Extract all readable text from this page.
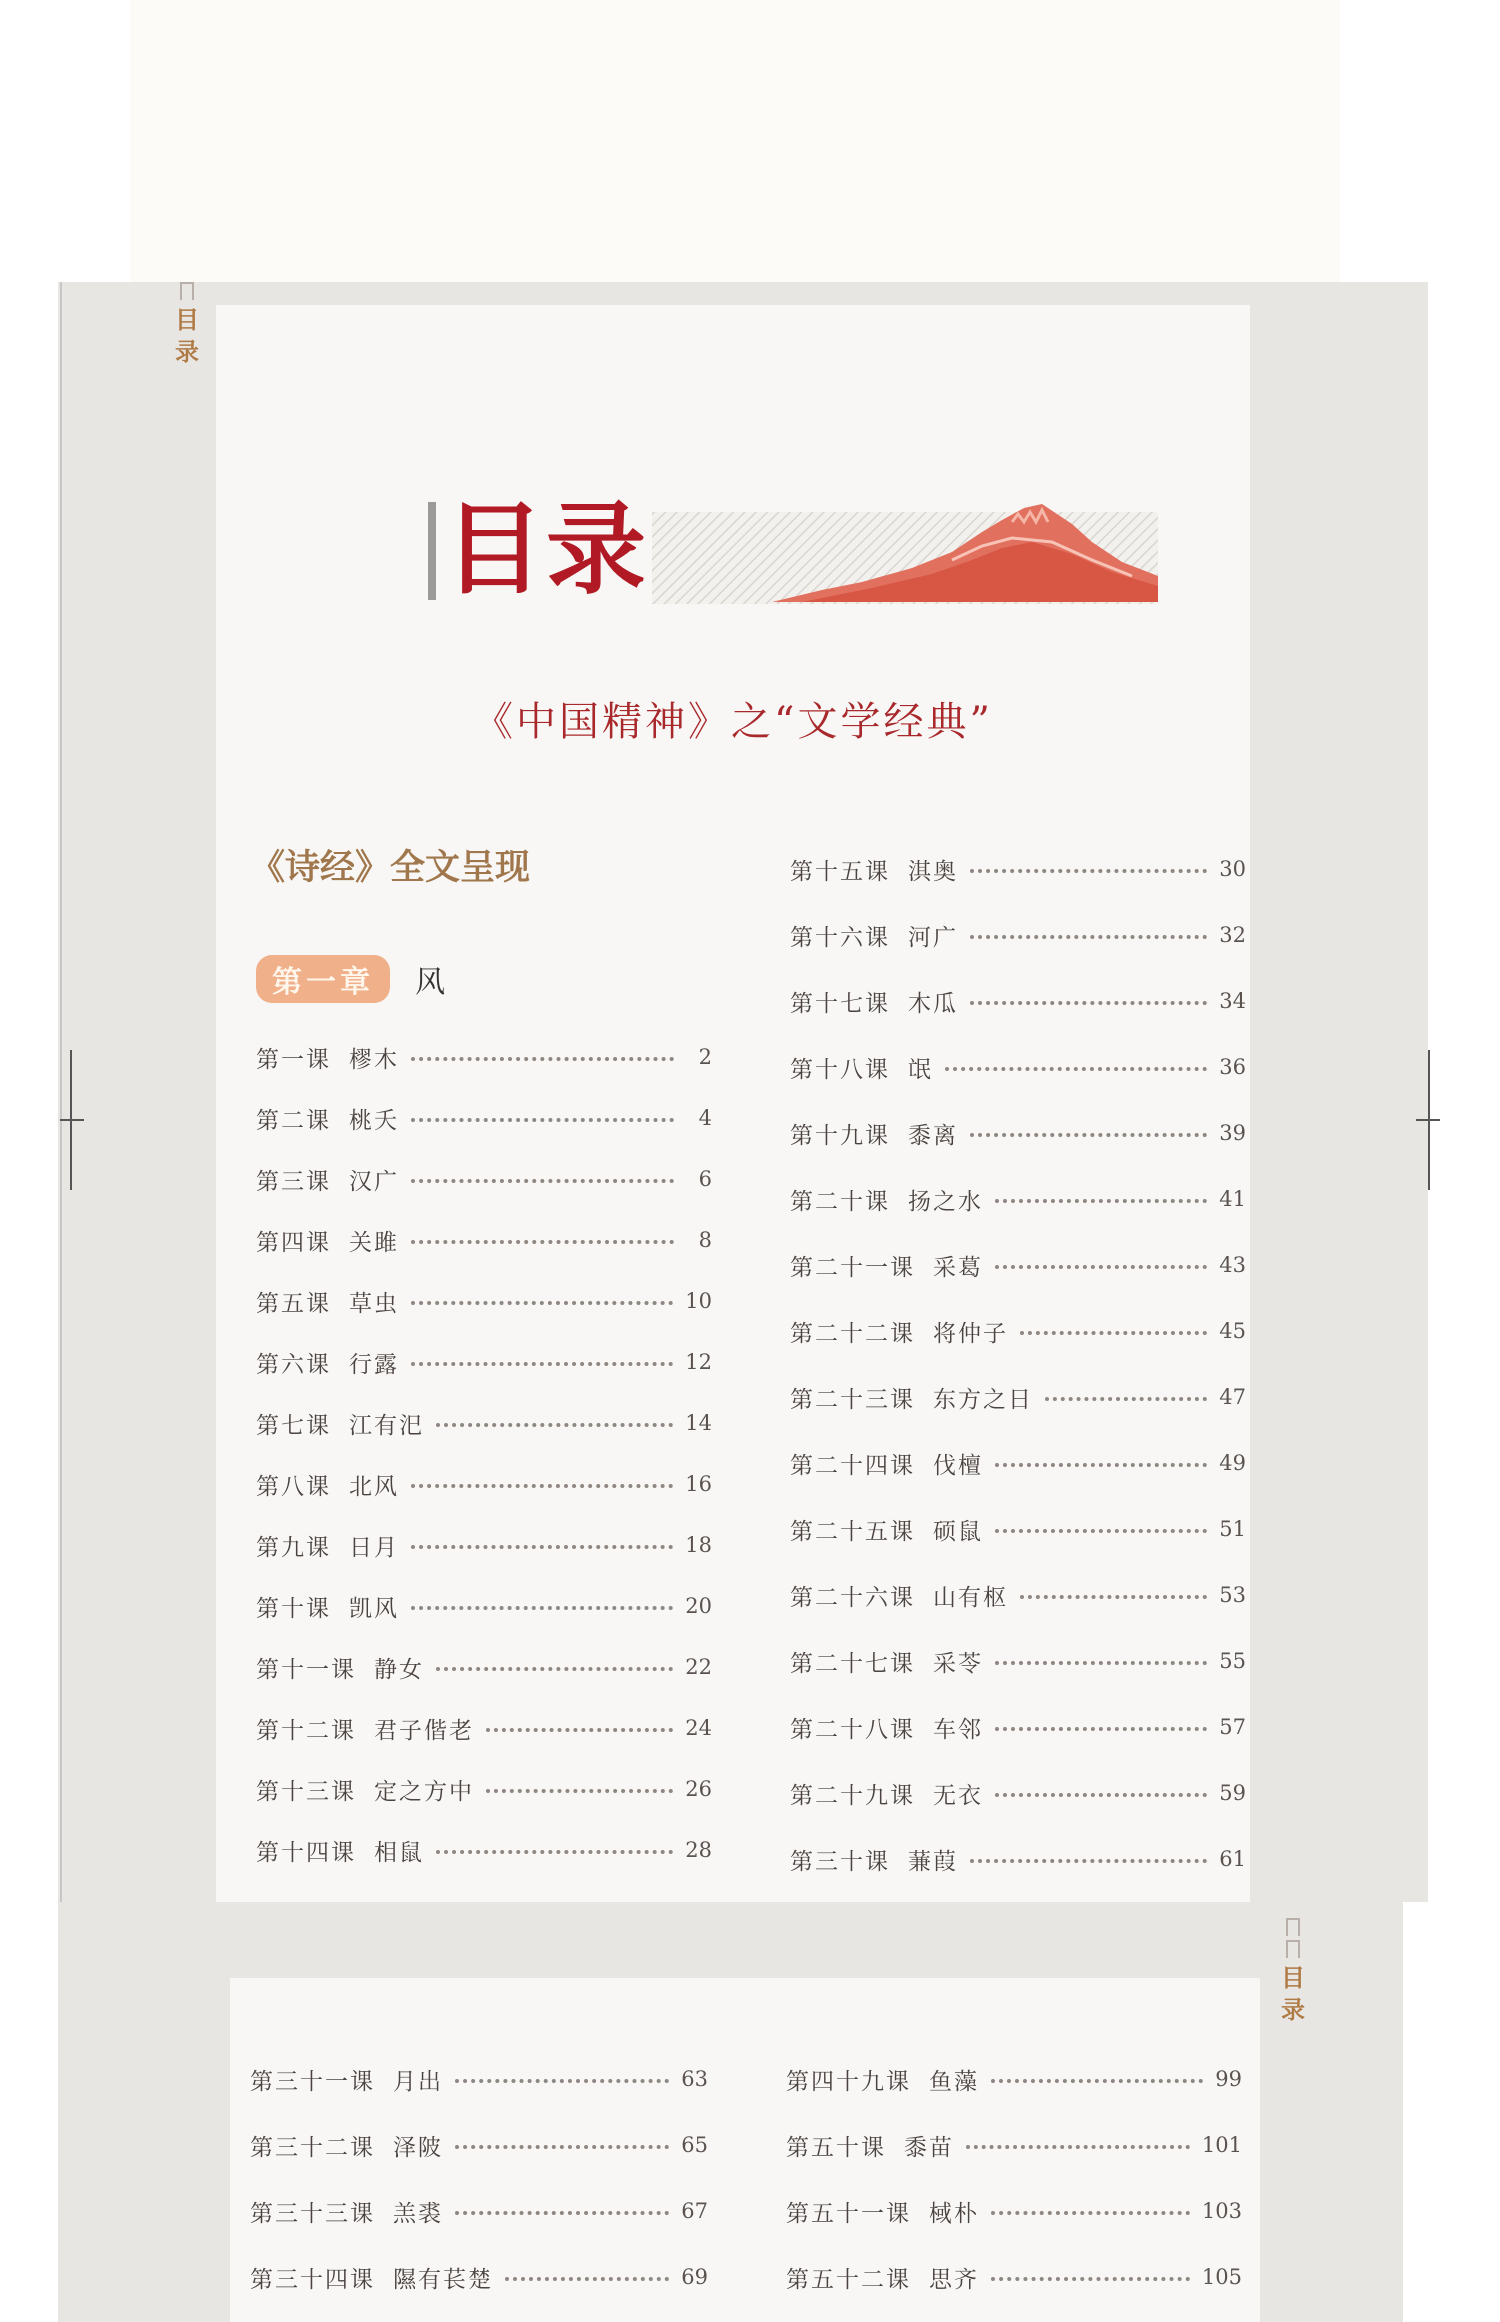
目录
目录
《中国精神》之“文学经典”
《诗经》全文呈现
第一章 风
第一课 樛木	2
第二课 桃夭	4
第三课 汉广	6
第四课 关雎	8
第五课 草虫	10
第六课 行露	12
第七课 江有汜	14
第八课 北风	16
第九课 日月	18
第十课 凯风	20
第十一课 静女	22
第十二课 君子偕老	24
第十三课 定之方中	26
第十四课 相鼠	28
第十五课 淇奥	30
第十六课 河广	32
第十七课 木瓜	34
第十八课 氓	36
第十九课 黍离	39
第二十课 扬之水	41
第二十一课 采葛	43
第二十二课 将仲子	45
第二十三课 东方之日	47
第二十四课 伐檀	49
第二十五课 硕鼠	51
第二十六课 山有枢	53
第二十七课 采苓	55
第二十八课 车邻	57
第二十九课 无衣	59
第三十课 蒹葭	61
目录
第三十一课 月出	63
第三十二课 泽陂	65
第三十三课 羔裘	67
第三十四课 隰有苌楚	69
第四十九课 鱼藻	99
第五十课 黍苗	101
第五十一课 棫朴	103
第五十二课 思齐	105
